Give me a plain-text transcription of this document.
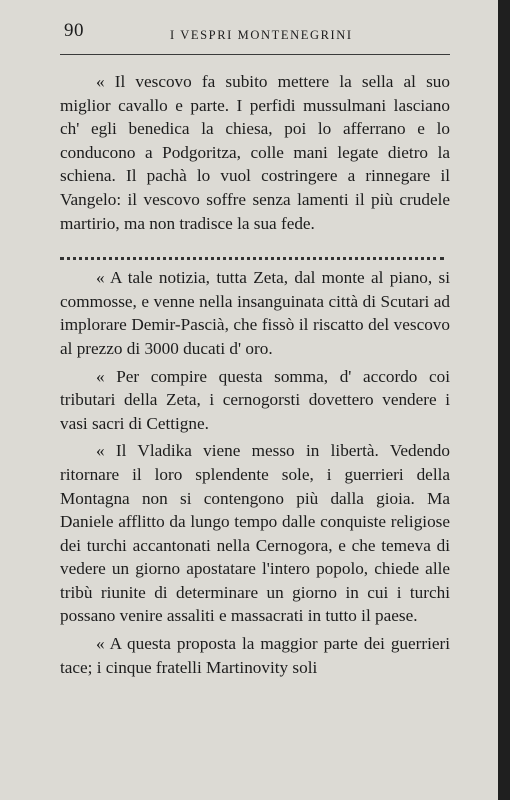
90	I VESPRI MONTENEGRINI

« Il vescovo fa subito mettere la sella al suo miglior cavallo e parte. I perfidi mussulmani lasciano ch' egli benedica la chiesa, poi lo afferrano e lo conducono a Podgoritza, colle mani legate dietro la schiena. Il pachà lo vuol costringere a rinnegare il Vangelo: il vescovo soffre senza lamenti il più crudele martirio, ma non tradisce la sua fede.

« A tale notizia, tutta Zeta, dal monte al piano, si commosse, e venne nella insanguinata città di Scutari ad implorare Demir-Pascià, che fissò il riscatto del vescovo al prezzo di 3000 ducati d' oro.

« Per compire questa somma, d' accordo coi tributari della Zeta, i cernogorsti dovettero vendere i vasi sacri di Cettigne.

« Il Vladika viene messo in libertà. Vedendo ritornare il loro splendente sole, i guerrieri della Montagna non si contengono più dalla gioia. Ma Daniele afflitto da lungo tempo dalle conquiste religiose dei turchi accantonati nella Cernogora, e che temeva di vedere un giorno apostatare l'intero popolo, chiede alle tribù riunite di determinare un giorno in cui i turchi possano venire assaliti e massacrati in tutto il paese.

« A questa proposta la maggior parte dei guerrieri tace; i cinque fratelli Martinovity soli
